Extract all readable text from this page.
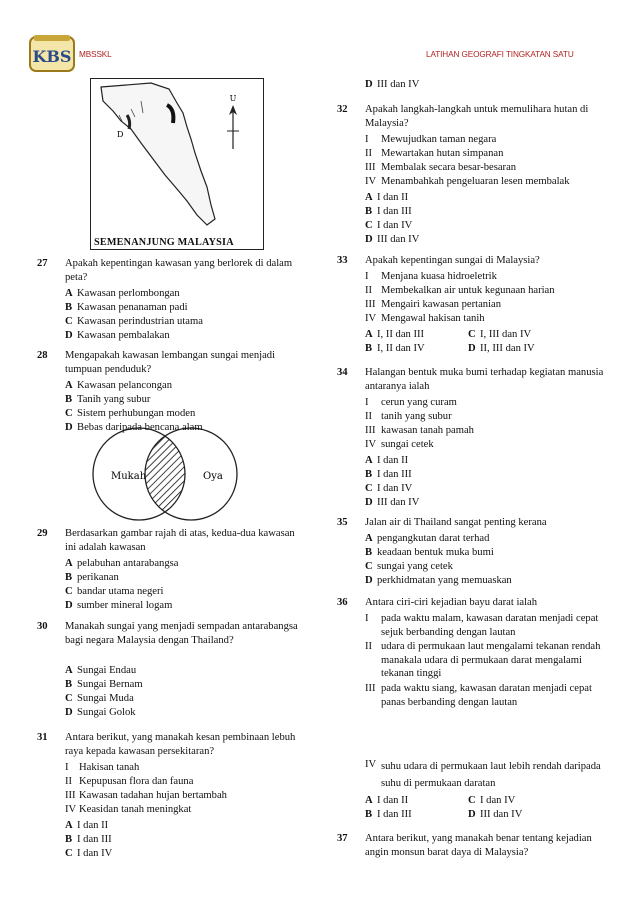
KBS MBSSKL	LATIHAN GEOGRAFI TINGKATAN SATU
D
U
SEMENANJUNG MALAYSIA
Mukah	Oya
27 Apakah kepentingan kawasan yang berlorek di dalam peta?
A Kawasan perlombongan
B Kawasan penanaman padi
C Kawasan perindustrian utama
D Kawasan pembalakan
28 Mengapakah kawasan lembangan sungai menjadi tumpuan penduduk?
A Kawasan pelancongan
B Tanih yang subur
C Sistem perhubungan moden
D Bebas daripada bencana alam
29 Berdasarkan gambar rajah di atas, kedua-dua kawasan ini adalah kawasan
A pelabuhan antarabangsa
B perikanan
C bandar utama negeri
D sumber mineral logam
30 Manakah sungai yang menjadi sempadan antarabangsa bagi negara Malaysia dengan Thailand?
A Sungai Endau
B Sungai Bernam
C Sungai Muda
D Sungai Golok
31 Antara berikut, yang manakah kesan pembinaan lebuh raya kepada kawasan persekitaran?
I Hakisan tanah
II Kepupusan flora dan fauna
III Kawasan tadahan hujan bertambah
IV Keasidan tanah meningkat
A I dan II
B I dan III
C I dan IV
D III dan IV
32 Apakah langkah-langkah untuk memulihara hutan di Malaysia?
I Mewujudkan taman negara
II Mewartakan hutan simpanan
III Membalak secara besar-besaran
IV Menambahkah pengeluaran lesen membalak
A I dan II
B I dan III
C I dan IV
D III dan IV
33 Apakah kepentingan sungai di Malaysia?
I Menjana kuasa hidroeletrik
II Membekalkan air untuk kegunaan harian
III Mengairi kawasan pertanian
IV Mengawal hakisan tanih
A I, II dan III	C I, III dan IV
B I, II dan IV	D II, III dan IV
34 Halangan bentuk muka bumi terhadap kegiatan manusia antaranya ialah
I cerun yang curam
II tanih yang subur
III kawasan tanah pamah
IV sungai cetek
A I dan II
B I dan III
C I dan IV
D III dan IV
35 Jalan air di Thailand sangat penting kerana
A pengangkutan darat terhad
B keadaan bentuk muka bumi
C sungai yang cetek
D perkhidmatan yang memuaskan
36 Antara ciri-ciri kejadian bayu darat ialah
I	pada waktu malam, kawasan daratan menjadi cepat sejuk berbanding dengan lautan
II udara di permukaan laut mengalami tekanan rendah manakala udara di permukaan darat mengalami tekanan tinggi
III pada waktu siang, kawasan daratan menjadi cepat panas berbanding dengan lautan
IV suhu udara di permukaan laut lebih rendah daripada suhu di permukaan daratan
A I dan II	C I dan IV
B I dan III	D III dan IV
37 Antara berikut, yang manakah benar tentang kejadian angin monsun barat daya di Malaysia?
